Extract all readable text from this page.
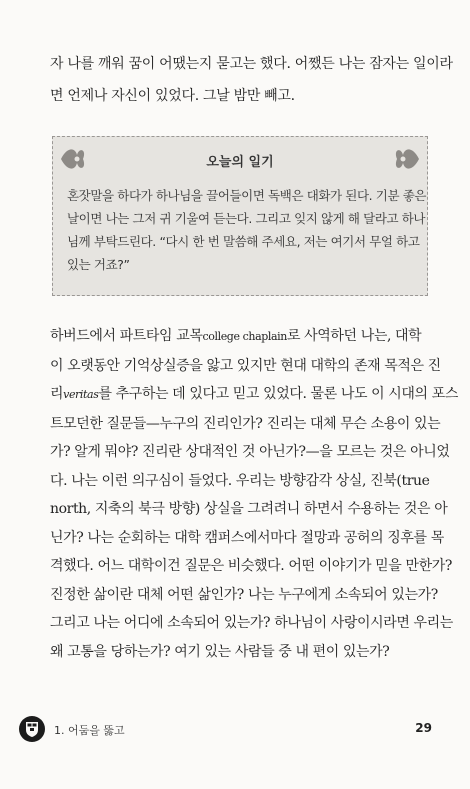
자 나를 깨워 꿈이 어땠는지 묻고는 했다. 어쨌든 나는 잠자는 일이라
면 언제나 자신이 있었다. 그날 밤만 빼고.
오늘의 일기
혼잣말을 하다가 하나님을 끌어들이면 독백은 대화가 된다. 기분 좋은
날이면 나는 그저 귀 기울여 듣는다. 그리고 잊지 않게 해 달라고 하나
님께 부탁드린다. “다시 한 번 말씀해 주세요, 저는 여기서 무얼 하고
있는 거죠?”
하버드에서 파트타임 교목college chaplain로 사역하던 나는, 대학
이 오랫동안 기억상실증을 앓고 있지만 현대 대학의 존재 목적은 진
리veritas를 추구하는 데 있다고 믿고 있었다. 물론 나도 이 시대의 포스
트모던한 질문들—누구의 진리인가? 진리는 대체 무슨 소용이 있는
가? 알게 뭐야? 진리란 상대적인 것 아닌가?—을 모르는 것은 아니었
다. 나는 이런 의구심이 들었다. 우리는 방향감각 상실, 진북(true
north, 지축의 북극 방향) 상실을 그려려니 하면서 수용하는 것은 아
닌가? 나는 순회하는 대학 캠퍼스에서마다 절망과 공허의 징후를 목
격했다. 어느 대학이건 질문은 비슷했다. 어떤 이야기가 믿을 만한가?
진정한 삶이란 대체 어떤 삶인가? 나는 누구에게 소속되어 있는가?
그리고 나는 어디에 소속되어 있는가? 하나님이 사랑이시라면 우리는
왜 고통을 당하는가? 여기 있는 사람들 중 내 편이 있는가?
1. 어둠을 뚫고	29
